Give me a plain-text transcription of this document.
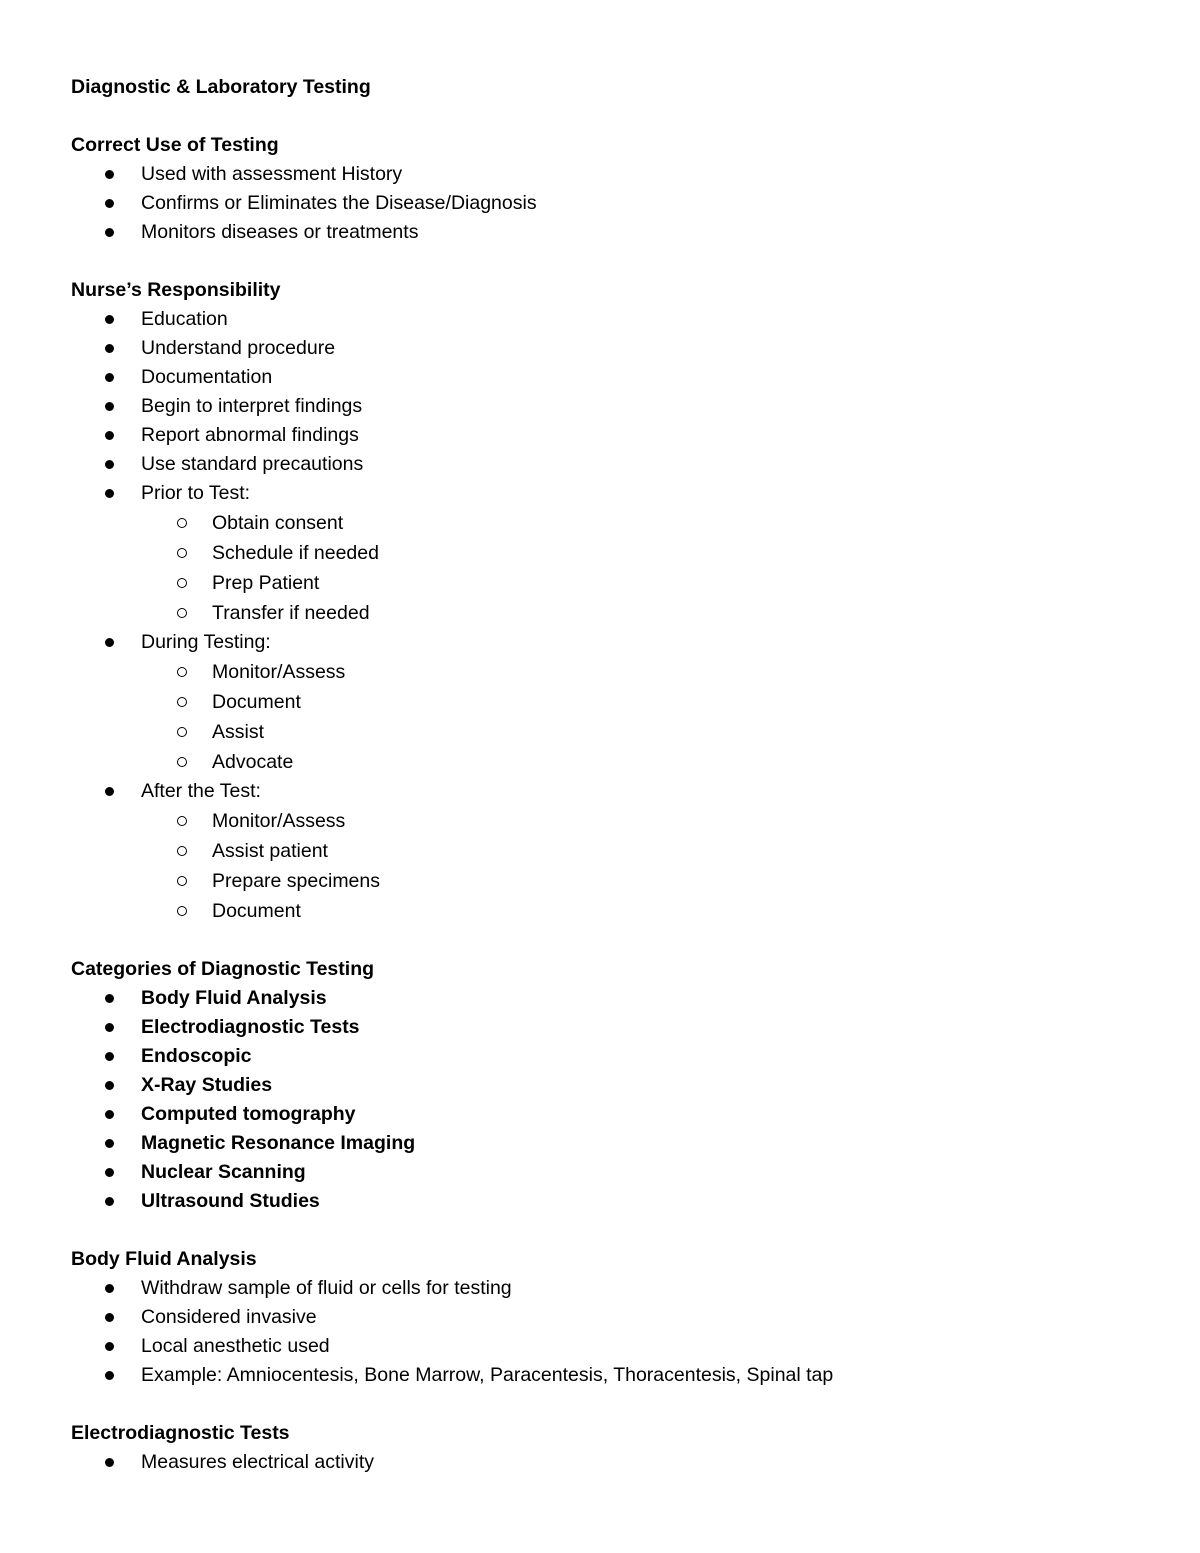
Diagnostic & Laboratory Testing

Correct Use of Testing

Used with assessment History
Confirms or Eliminates the Disease/Diagnosis
Monitors diseases or treatments

Nurse’s Responsibility

Education
Understand procedure
Documentation
Begin to interpret findings
Report abnormal findings
Use standard precautions
Prior to Test:
Obtain consent
Schedule if needed
Prep Patient
Transfer if needed
During Testing:
Monitor/Assess
Document
Assist
Advocate
After the Test:
Monitor/Assess
Assist patient
Prepare specimens
Document

Categories of Diagnostic Testing

Body Fluid Analysis
Electrodiagnostic Tests
Endoscopic
X-Ray Studies
Computed tomography
Magnetic Resonance Imaging
Nuclear Scanning
Ultrasound Studies

Body Fluid Analysis

Withdraw sample of fluid or cells for testing
Considered invasive
Local anesthetic used
Example: Amniocentesis, Bone Marrow, Paracentesis, Thoracentesis, Spinal tap

Electrodiagnostic Tests

Measures electrical activity
